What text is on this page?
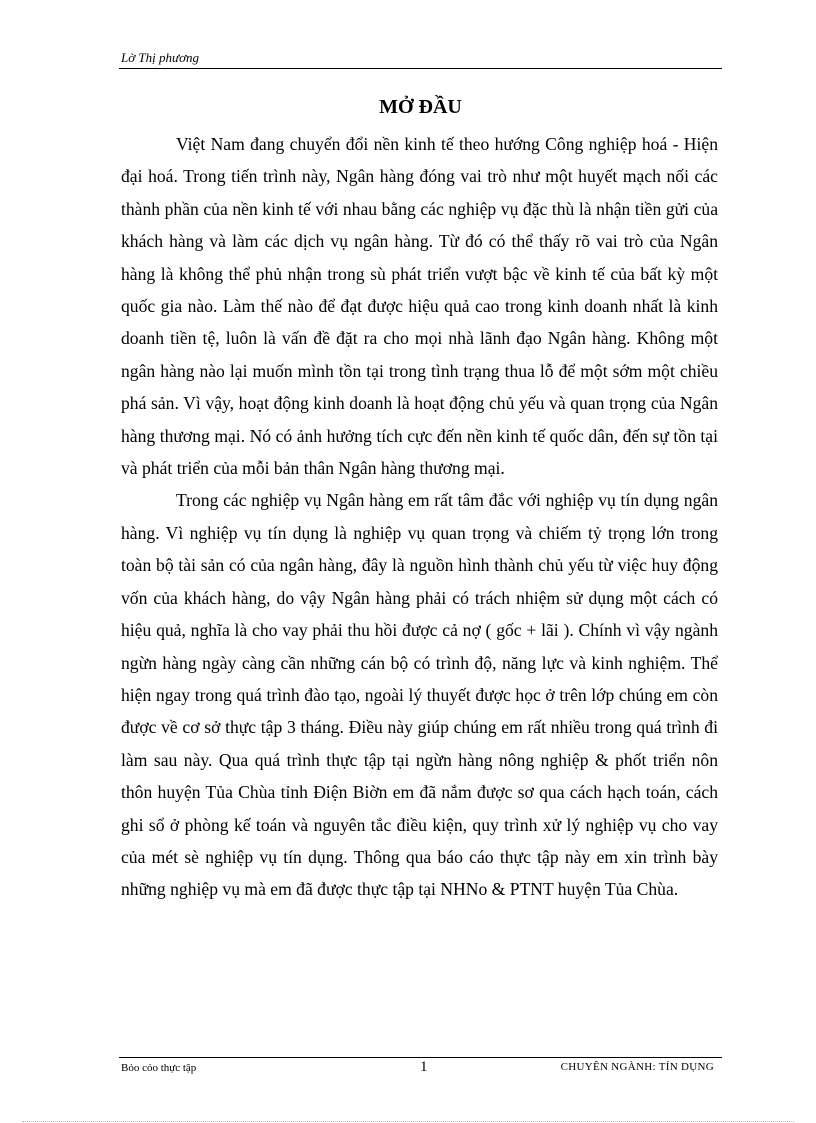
Lờ Thị phương
MỞ ĐẦU

Việt Nam đang chuyển đổi nền kinh tế theo hướng Công nghiệp hoá - Hiện đại hoá. Trong tiến trình này, Ngân hàng đóng vai trò như một huyết mạch nối các thành phần của nền kinh tế với nhau bằng các nghiệp vụ đặc thù là nhận tiền gửi của khách hàng và làm các dịch vụ ngân hàng. Từ đó có thể thấy rõ vai trò của Ngân hàng là không thể phủ nhận trong sù phát triển vượt bậc về kinh tế của bất kỳ một quốc gia nào. Làm thế nào để đạt được hiệu quả cao trong kinh doanh nhất là kinh doanh tiền tệ, luôn là vấn đề đặt ra cho mọi nhà lãnh đạo Ngân hàng. Không một ngân hàng nào lại muốn mình tồn tại trong tình trạng thua lỗ để một sớm một chiều phá sản. Vì vậy, hoạt động kinh doanh là hoạt động chủ yếu và quan trọng của Ngân hàng thương mại. Nó có ảnh hưởng tích cực đến nền kinh tế quốc dân, đến sự tồn tại và phát triển của mỗi bản thân Ngân hàng thương mại.

Trong các nghiệp vụ Ngân hàng em rất tâm đắc với nghiệp vụ tín dụng ngân hàng. Vì nghiệp vụ tín dụng là nghiệp vụ quan trọng và chiếm tỷ trọng lớn trong toàn bộ tài sản có của ngân hàng, đây là nguồn hình thành chủ yếu từ việc huy động vốn của khách hàng, do vậy Ngân hàng phải có trách nhiệm sử dụng một cách có hiệu quả, nghĩa là cho vay phải thu hồi được cả nợ ( gốc + lãi ). Chính vì vậy ngành ngừn hàng ngày càng cần những cán bộ có trình độ, năng lực và kinh nghiệm. Thể hiện ngay trong quá trình đào tạo, ngoài lý thuyết được học ở trên lớp chúng em còn được về cơ sở thực tập 3 tháng. Điều này giúp chúng em rất nhiều trong quá trình đi làm sau này. Qua quá trình thực tập tại ngừn hàng nông nghiệp & phốt triển nôn thôn huyện Tủa Chùa tỉnh Điện Biờn em đã nắm được sơ qua cách hạch toán, cách ghi sổ ở phòng kế toán và nguyên tắc điều kiện, quy trình xử lý nghiệp vụ cho vay của mét sè nghiệp vụ tín dụng. Thông qua báo cáo thực tập này em xin trình bày những nghiệp vụ mà em đã được thực tập tại NHNo & PTNT huyện Tủa Chùa.

Bỏo cỏo thực tập	1	CHUYÊN NGÀNH: TÍN DỤNG
